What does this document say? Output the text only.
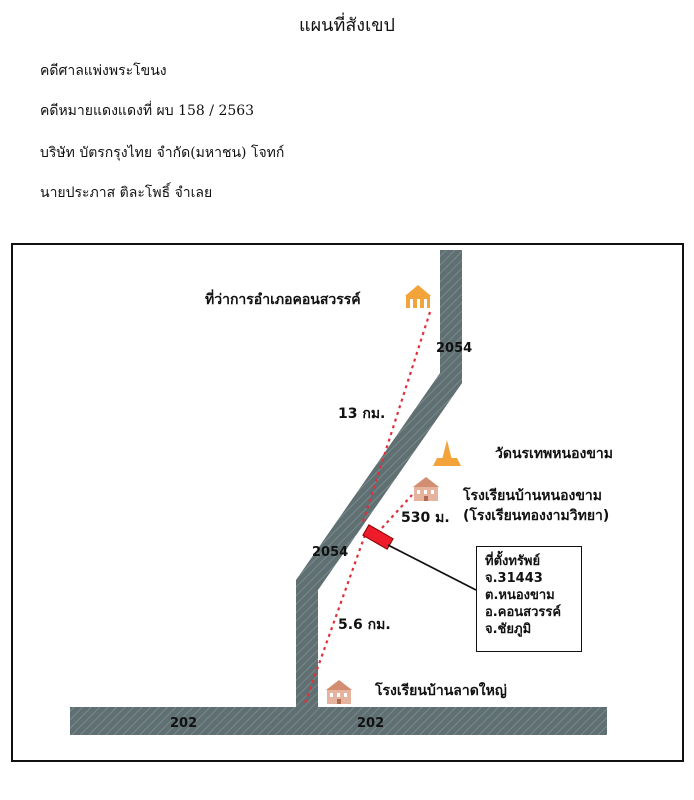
แผนที่สังเขป
คดีศาลแพ่งพระโขนง
คดีหมายแดงแดงที่ ผบ 158 / 2563
บริษัท บัตรกรุงไทย จำกัด(มหาชน) โจทก์
นายประภาส ติละโพธิ์ จำเลย
ที่ว่าการอำเภอคอนสวรรค์
วัดนรเทพหนองขาม
โรงเรียนบ้านหนองขาม
(โรงเรียนทองงามวิทยา)
โรงเรียนบ้านลาดใหญ่
2054
2054
202	202
13 กม.
530 ม.
5.6 กม.
ที่ตั้งทรัพย์
จ.31443
ต.หนองขาม
อ.คอนสวรรค์
จ.ชัยภูมิ
